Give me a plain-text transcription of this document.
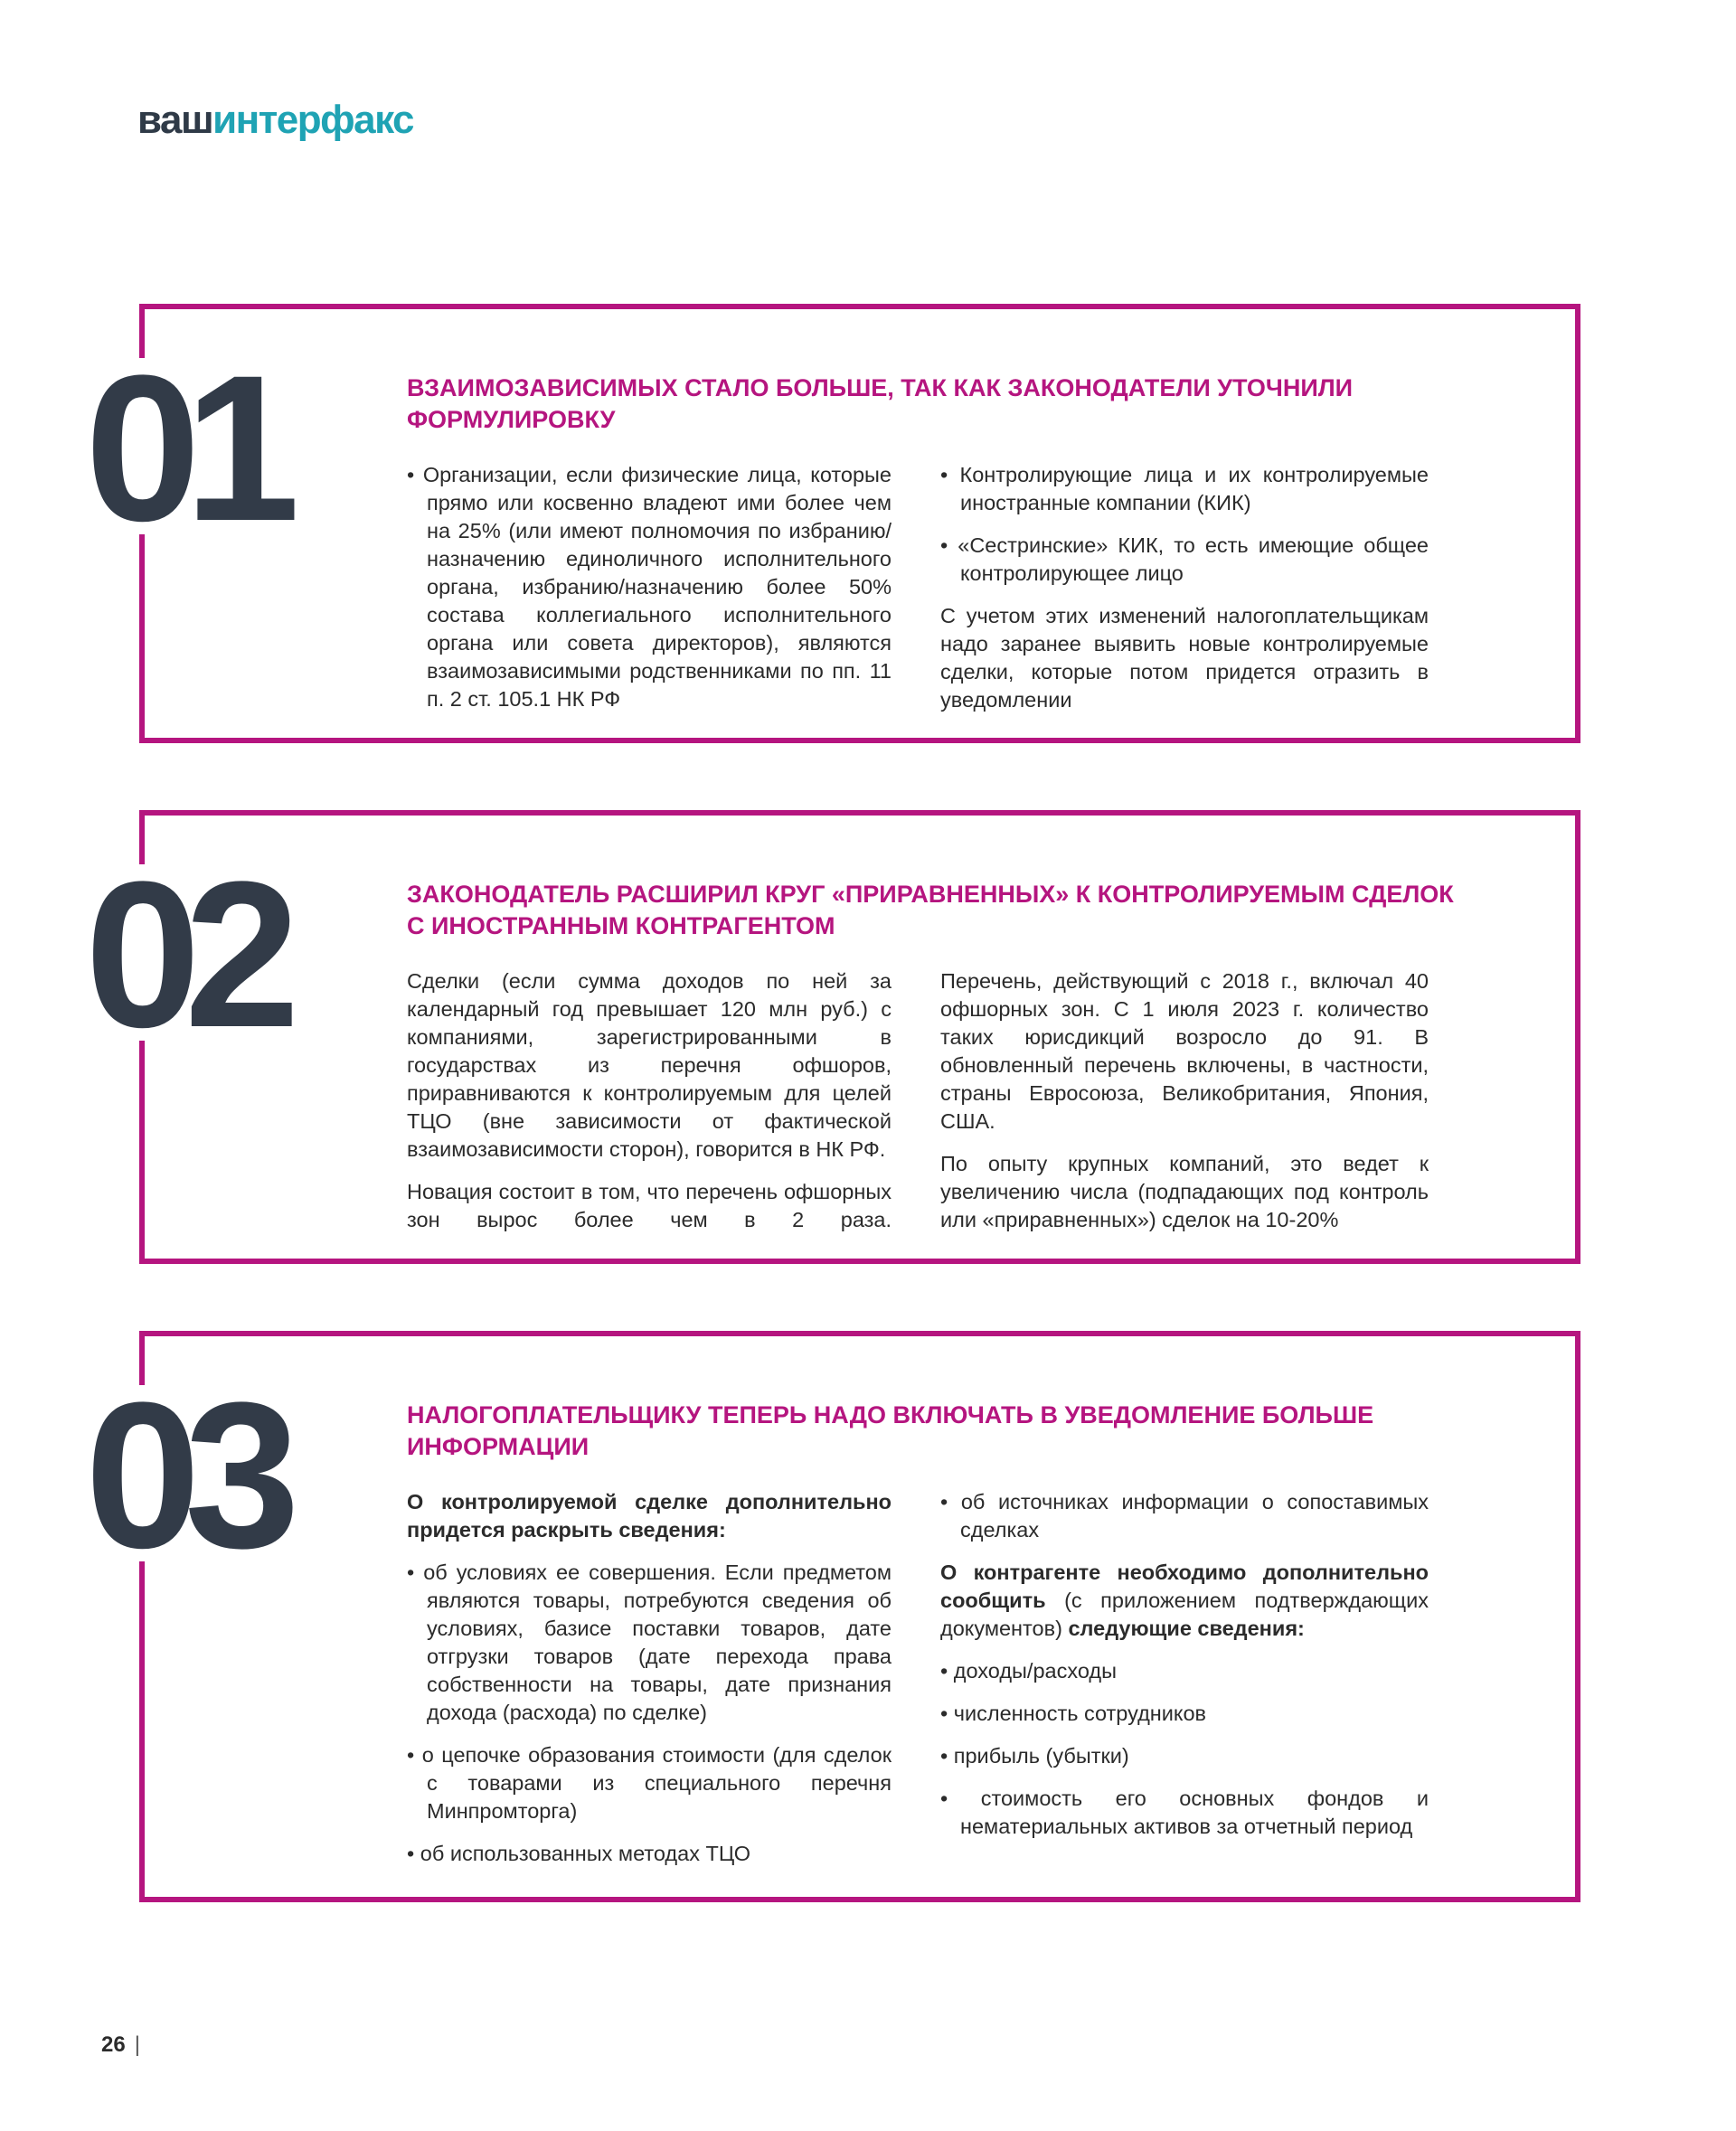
вашинтерфакс
01	ВЗАИМОЗАВИСИМЫХ СТАЛО БОЛЬШЕ, ТАК КАК ЗАКОНОДАТЕЛИ УТОЧНИЛИ ФОРМУЛИРОВКУ
• Организации, если физические лица, которые прямо или косвенно владеют ими более чем на 25% (или имеют полномочия по избранию/назначению единоличного исполнительного органа, избранию/назначению более 50% состава коллегиального исполнительного органа или совета директоров), являются взаимозависимыми родственниками по пп. 11 п. 2 ст. 105.1 НК РФ
• Контролирующие лица и их контролируемые иностранные компании (КИК)
• «Сестринские» КИК, то есть имеющие общее контролирующее лицо

С учетом этих изменений налогоплательщикам надо заранее выявить новые контролируемые сделки, которые потом придется отразить в уведомлении

02	ЗАКОНОДАТЕЛЬ РАСШИРИЛ КРУГ «ПРИРАВНЕННЫХ» К КОНТРОЛИРУЕМЫМ СДЕЛОК С ИНОСТРАННЫМ КОНТРАГЕНТОМ

Сделки (если сумма доходов по ней за календарный год превышает 120 млн руб.) с компаниями, зарегистрированными в государствах из перечня офшоров, приравниваются к контролируемым для целей ТЦО (вне зависимости от фактической взаимозависимости сторон), говорится в НК РФ.

Новация состоит в том, что перечень офшорных зон вырос более чем в 2 раза.

Перечень, действующий с 2018 г., включал 40 офшорных зон. С 1 июля 2023 г. количество таких юрисдикций возросло до 91. В обновленный перечень включены, в частности, страны Евросоюза, Великобритания, Япония, США.

По опыту крупных компаний, это ведет к увеличению числа (подпадающих под контроль или «приравненных») сделок на 10-20%

03	НАЛОГОПЛАТЕЛЬЩИКУ ТЕПЕРЬ НАДО ВКЛЮЧАТЬ В УВЕДОМЛЕНИЕ БОЛЬШЕ ИНФОРМАЦИИ

О контролируемой сделке дополнительно придется раскрыть сведения:

• об условиях ее совершения. Если предметом являются товары, потребуются сведения об условиях, базисе поставки товаров, дате отгрузки товаров (дате перехода права собственности на товары, дате признания дохода (расхода) по сделке)
• о цепочке образования стоимости (для сделок с товарами из специального перечня Минпромторга)
• об использованных методах ТЦО
• об источниках информации о сопоставимых сделках

О контрагенте необходимо дополнительно сообщить (с приложением подтверждающих документов) следующие сведения:

• доходы/расходы
• численность сотрудников
• прибыль (убытки)
• стоимость его основных фондов и нематериальных активов за отчетный период
26 |
